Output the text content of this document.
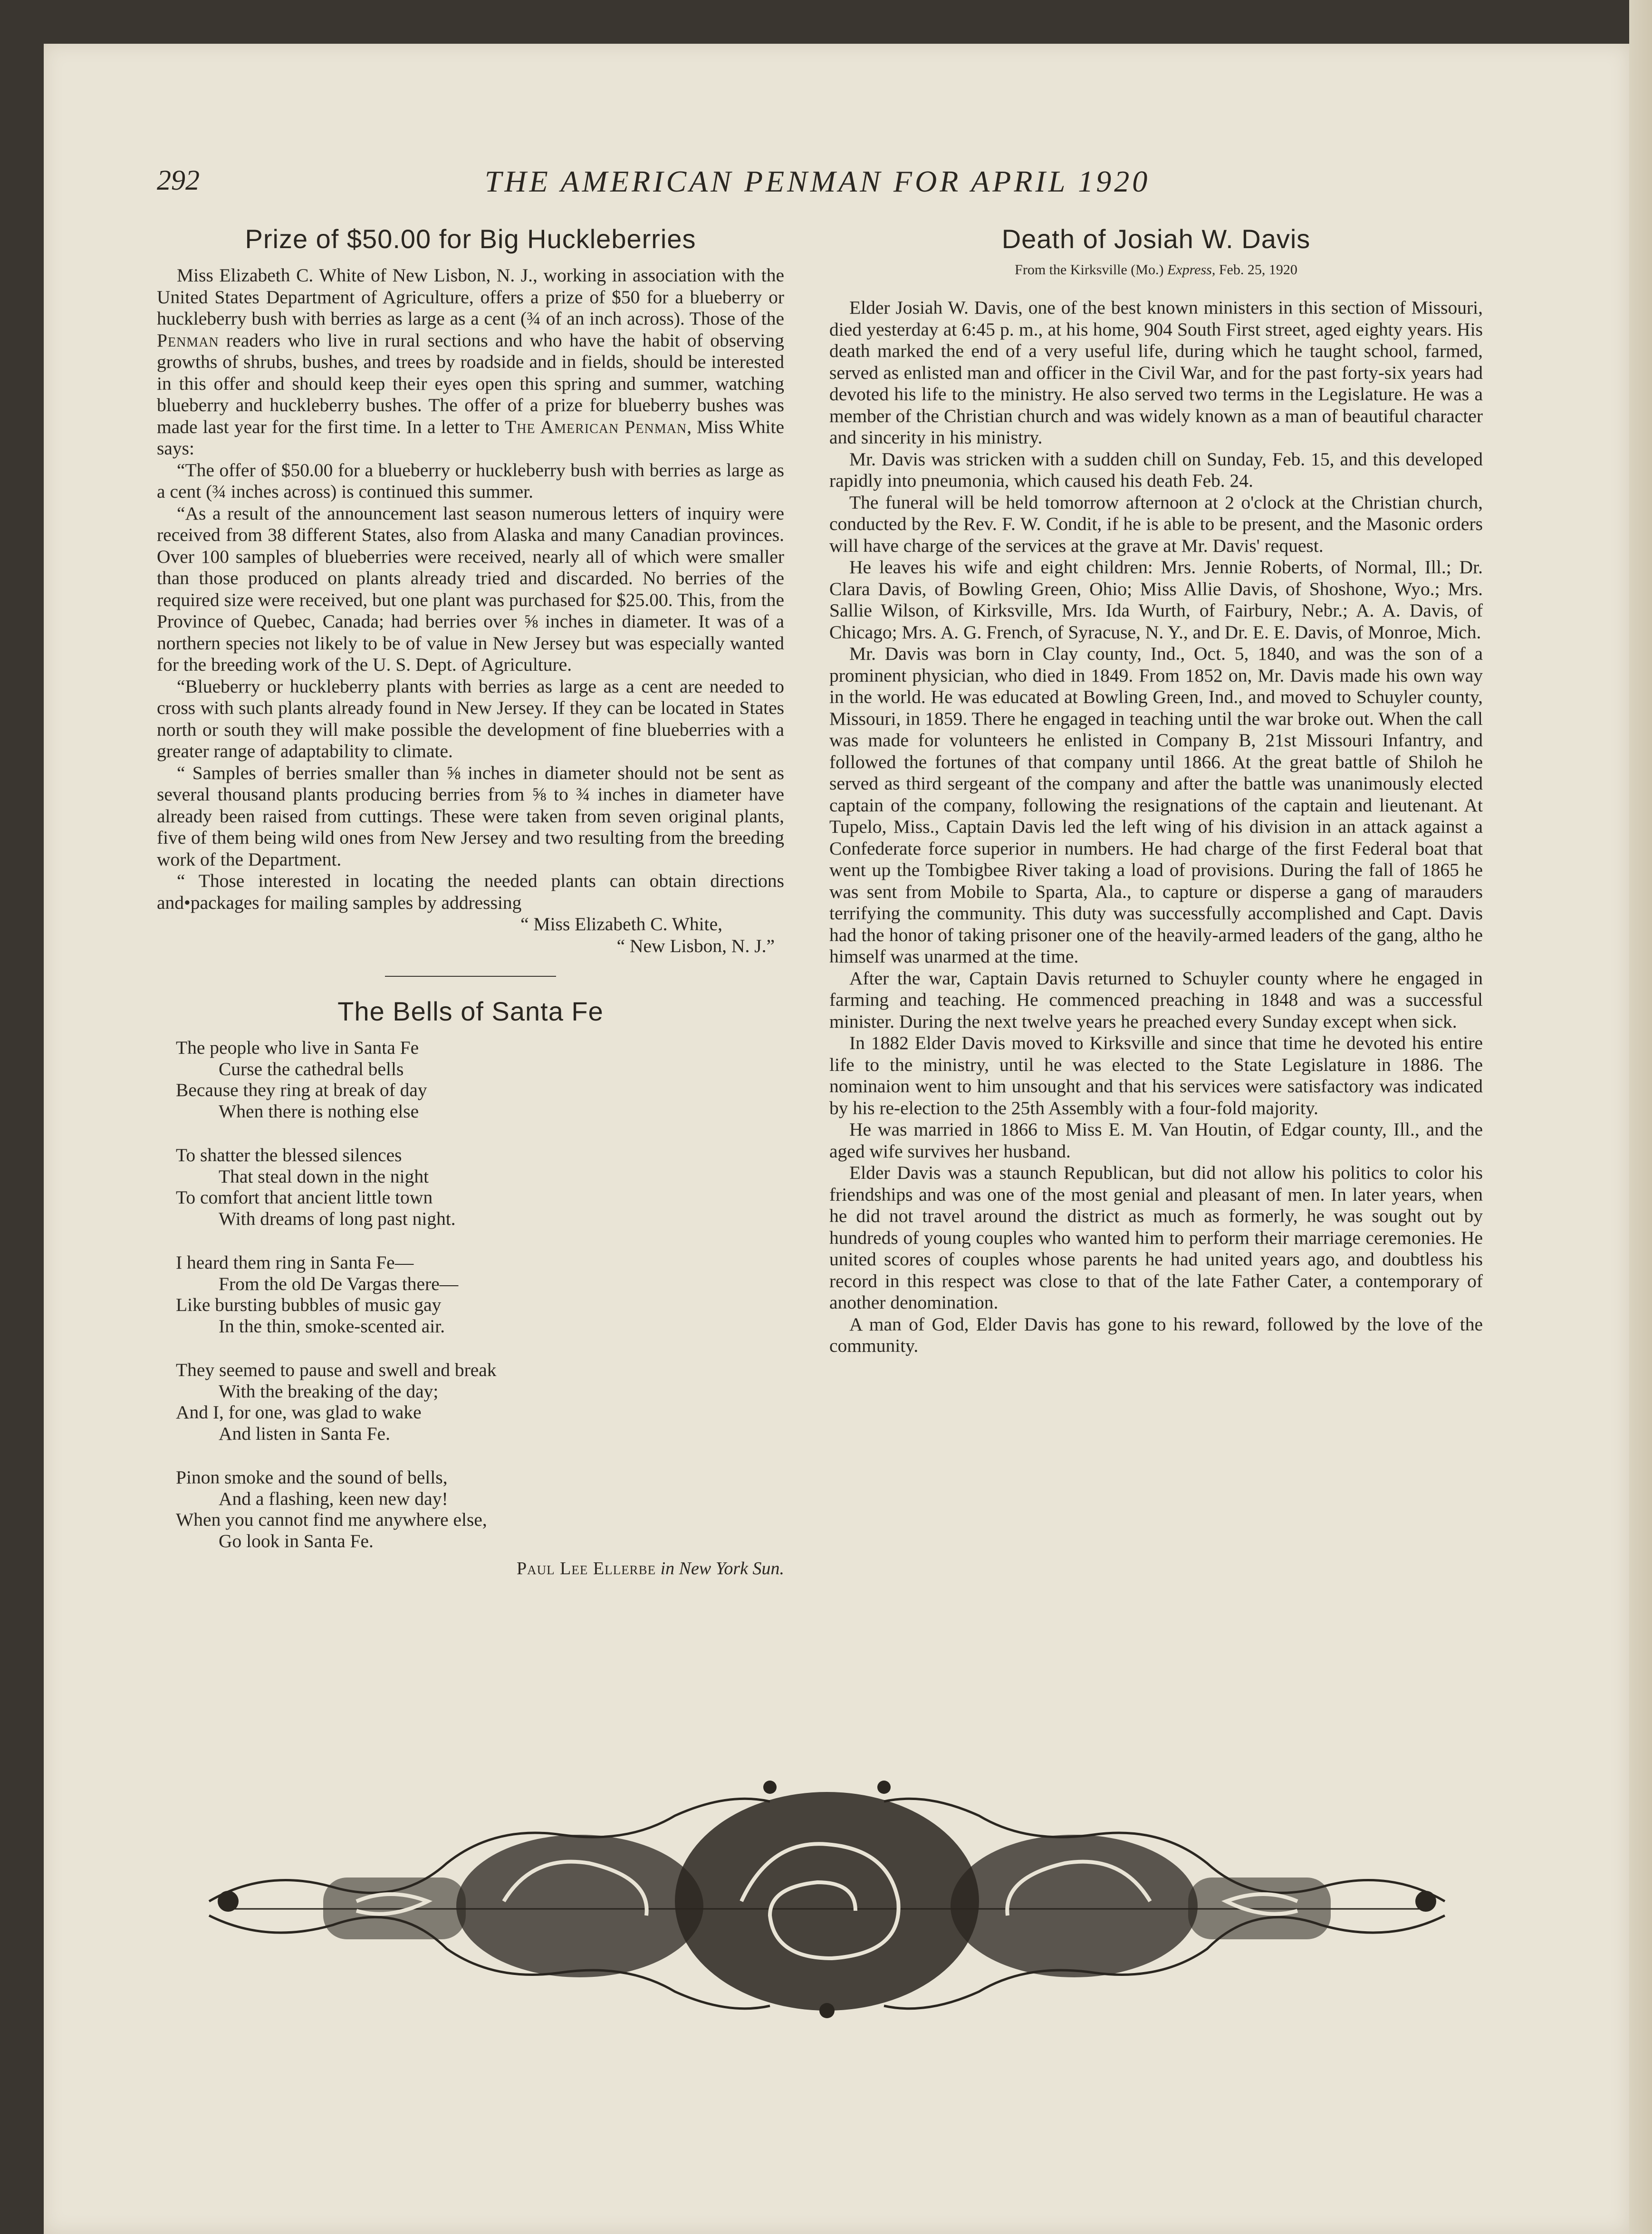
292	THE AMERICAN PENMAN FOR APRIL 1920
Prize of $50.00 for Big Huckleberries

Miss Elizabeth C. White of New Lisbon, N. J., working in association with the United States Department of Agriculture, offers a prize of $50 for a blueberry or huckleberry bush with berries as large as a cent (¾ of an inch across). Those of the Penman readers who live in rural sections and who have the habit of observing growths of shrubs, bushes, and trees by roadside and in fields, should be interested in this offer and should keep their eyes open this spring and summer, watching blueberry and huckleberry bushes. The offer of a prize for blueberry bushes was made last year for the first time. In a letter to The American Penman, Miss White says:

“The offer of $50.00 for a blueberry or huckleberry bush with berries as large as a cent (¾ inches across) is continued this summer.

“As a result of the announcement last season numerous letters of inquiry were received from 38 different States, also from Alaska and many Canadian provinces. Over 100 samples of blueberries were received, nearly all of which were smaller than those produced on plants already tried and discarded. No berries of the required size were received, but one plant was purchased for $25.00. This, from the Province of Quebec, Canada; had berries over ⅝ inches in diameter. It was of a northern species not likely to be of value in New Jersey but was especially wanted for the breeding work of the U. S. Dept. of Agriculture.

“Blueberry or huckleberry plants with berries as large as a cent are needed to cross with such plants already found in New Jersey. If they can be located in States north or south they will make possible the development of fine blueberries with a greater range of adaptability to climate.

“ Samples of berries smaller than ⅝ inches in diameter should not be sent as several thousand plants producing berries from ⅝ to ¾ inches in diameter have already been raised from cuttings. These were taken from seven original plants, five of them being wild ones from New Jersey and two resulting from the breeding work of the Department.

“ Those interested in locating the needed plants can obtain directions and•packages for mailing samples by addressing

“ Miss Elizabeth C. White,

“ New Lisbon, N. J.”

The Bells of Santa Fe
The people who live in Santa Fe
Curse the cathedral bells
Because they ring at break of day
When there is nothing else
To shatter the blessed silences
That steal down in the night
To comfort that ancient little town
With dreams of long past night.
I heard them ring in Santa Fe—
From the old De Vargas there—
Like bursting bubbles of music gay
In the thin, smoke-scented air.
They seemed to pause and swell and break
With the breaking of the day;
And I, for one, was glad to wake
And listen in Santa Fe.
Pinon smoke and the sound of bells,
And a flashing, keen new day!
When you cannot find me anywhere else,
Go look in Santa Fe.
Paul Lee Ellerbe in New York Sun.
Death of Josiah W. Davis
From the Kirksville (Mo.) Express, Feb. 25, 1920

Elder Josiah W. Davis, one of the best known ministers in this section of Missouri, died yesterday at 6:45 p. m., at his home, 904 South First street, aged eighty years. His death marked the end of a very useful life, during which he taught school, farmed, served as enlisted man and officer in the Civil War, and for the past forty-six years had devoted his life to the ministry. He also served two terms in the Legislature. He was a member of the Christian church and was widely known as a man of beautiful character and sincerity in his ministry.

Mr. Davis was stricken with a sudden chill on Sunday, Feb. 15, and this developed rapidly into pneumonia, which caused his death Feb. 24.

The funeral will be held tomorrow afternoon at 2 o'clock at the Christian church, conducted by the Rev. F. W. Condit, if he is able to be present, and the Masonic orders will have charge of the services at the grave at Mr. Davis' request.

He leaves his wife and eight children: Mrs. Jennie Roberts, of Normal, Ill.; Dr. Clara Davis, of Bowling Green, Ohio; Miss Allie Davis, of Shoshone, Wyo.; Mrs. Sallie Wilson, of Kirksville, Mrs. Ida Wurth, of Fairbury, Nebr.; A. A. Davis, of Chicago; Mrs. A. G. French, of Syracuse, N. Y., and Dr. E. E. Davis, of Monroe, Mich.

Mr. Davis was born in Clay county, Ind., Oct. 5, 1840, and was the son of a prominent physician, who died in 1849. From 1852 on, Mr. Davis made his own way in the world. He was educated at Bowling Green, Ind., and moved to Schuyler county, Missouri, in 1859. There he engaged in teaching until the war broke out. When the call was made for volunteers he enlisted in Company B, 21st Missouri Infantry, and followed the fortunes of that company until 1866. At the great battle of Shiloh he served as third sergeant of the company and after the battle was unanimously elected captain of the company, following the resignations of the captain and lieutenant. At Tupelo, Miss., Captain Davis led the left wing of his division in an attack against a Confederate force superior in numbers. He had charge of the first Federal boat that went up the Tombigbee River taking a load of provisions. During the fall of 1865 he was sent from Mobile to Sparta, Ala., to capture or disperse a gang of marauders terrifying the community. This duty was successfully accomplished and Capt. Davis had the honor of taking prisoner one of the heavily-armed leaders of the gang, altho he himself was unarmed at the time.

After the war, Captain Davis returned to Schuyler county where he engaged in farming and teaching. He commenced preaching in 1848 and was a successful minister. During the next twelve years he preached every Sunday except when sick.

In 1882 Elder Davis moved to Kirksville and since that time he devoted his entire life to the ministry, until he was elected to the State Legislature in 1886. The nominaion went to him unsought and that his services were satisfactory was indicated by his re-election to the 25th Assembly with a four-fold majority.

He was married in 1866 to Miss E. M. Van Houtin, of Edgar county, Ill., and the aged wife survives her husband.

Elder Davis was a staunch Republican, but did not allow his politics to color his friendships and was one of the most genial and pleasant of men. In later years, when he did not travel around the district as much as formerly, he was sought out by hundreds of young couples who wanted him to perform their marriage ceremonies. He united scores of couples whose parents he had united years ago, and doubtless his record in this respect was close to that of the late Father Cater, a contemporary of another denomination.

A man of God, Elder Davis has gone to his reward, followed by the love of the community.
